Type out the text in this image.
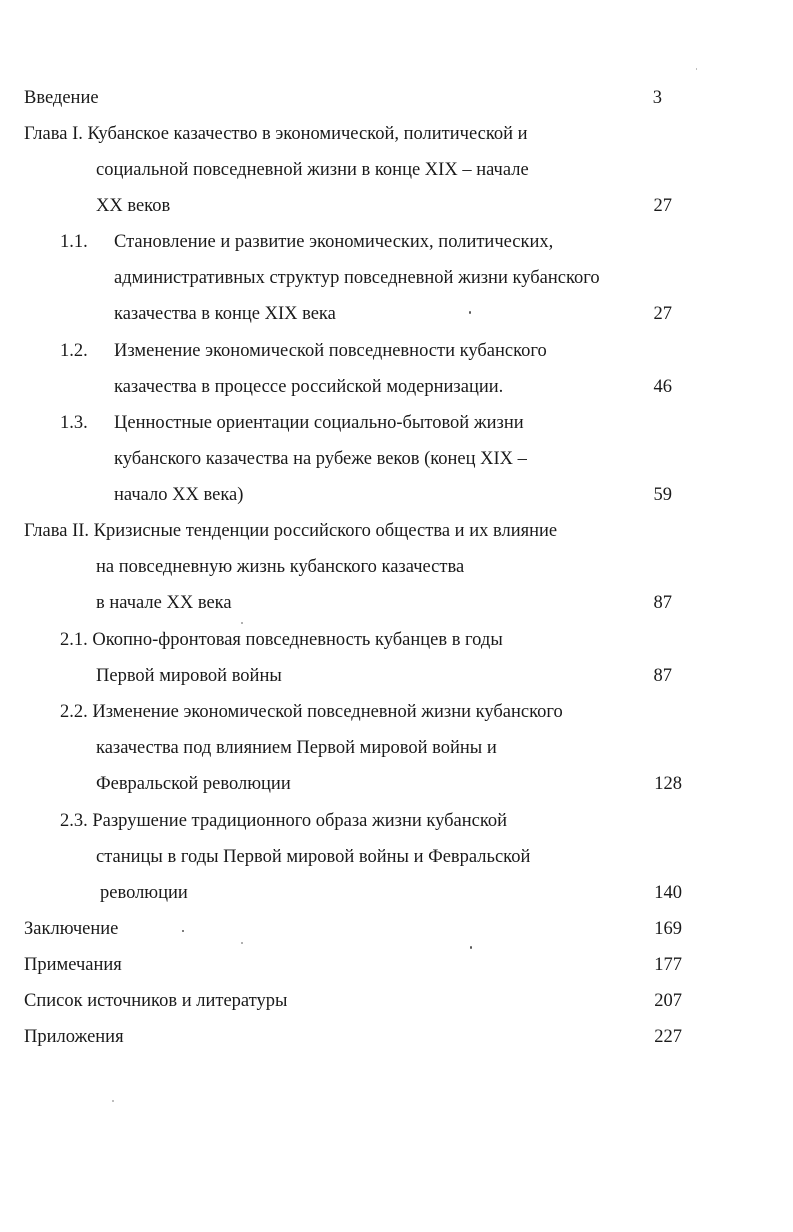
Введение	3
Глава I. Кубанское казачество в экономической, политической и
социальной повседневной жизни в конце XIX – начале
XX веков	27
1.1. Становление и развитие экономических, политических,
административных структур повседневной жизни кубанского
казачества в конце XIX века	27
1.2. Изменение экономической повседневности кубанского
казачества в процессе российской модернизации.	46
1.3. Ценностные ориентации социально-бытовой жизни
кубанского казачества на рубеже веков (конец XIX –
начало XX века)	59
Глава II. Кризисные тенденции российского общества и их влияние
на повседневную жизнь кубанского казачества
в начале XX века	87
2.1. Окопно-фронтовая повседневность кубанцев в годы
Первой мировой войны	87
2.2. Изменение экономической повседневной жизни кубанского
казачества под влиянием Первой мировой войны и
Февральской революции	128
2.3. Разрушение традиционного образа жизни кубанской
станицы в годы Первой мировой войны и Февральской
революции	140
Заключение	169
Примечания	177
Список источников и литературы	207
Приложения	227
